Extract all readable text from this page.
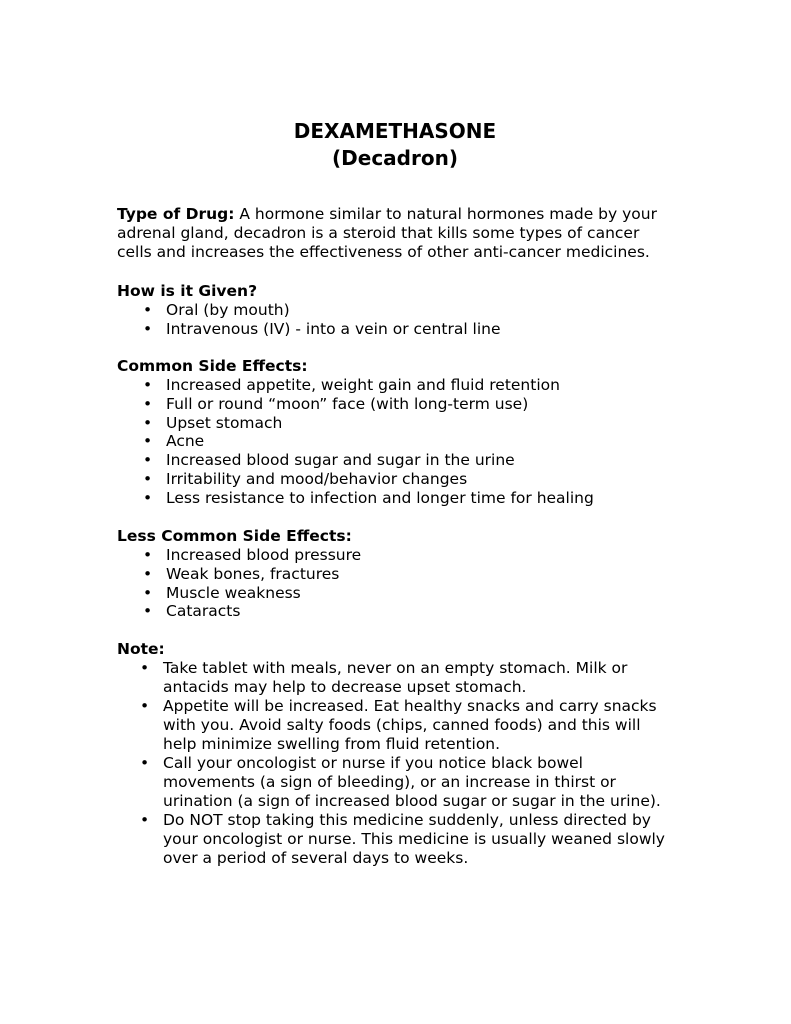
DEXAMETHASONE
(Decadron)

Type of Drug: A hormone similar to natural hormones made by your adrenal gland, decadron is a steroid that kills some types of cancer cells and increases the effectiveness of other anti-cancer medicines.

How is it Given?

• Oral (by mouth)
• Intravenous (IV) - into a vein or central line

Common Side Effects:

• Increased appetite, weight gain and fluid retention
• Full or round “moon” face (with long-term use)
• Upset stomach
• Acne
• Increased blood sugar and sugar in the urine
• Irritability and mood/behavior changes
• Less resistance to infection and longer time for healing

Less Common Side Effects:

• Increased blood pressure
• Weak bones, fractures
• Muscle weakness
• Cataracts

Note:

• Take tablet with meals, never on an empty stomach. Milk or antacids may help to decrease upset stomach.
• Appetite will be increased. Eat healthy snacks and carry snacks with you. Avoid salty foods (chips, canned foods) and this will help minimize swelling from fluid retention.
• Call your oncologist or nurse if you notice black bowel movements (a sign of bleeding), or an increase in thirst or urination (a sign of increased blood sugar or sugar in the urine).
• Do NOT stop taking this medicine suddenly, unless directed by your oncologist or nurse. This medicine is usually weaned slowly over a period of several days to weeks.
